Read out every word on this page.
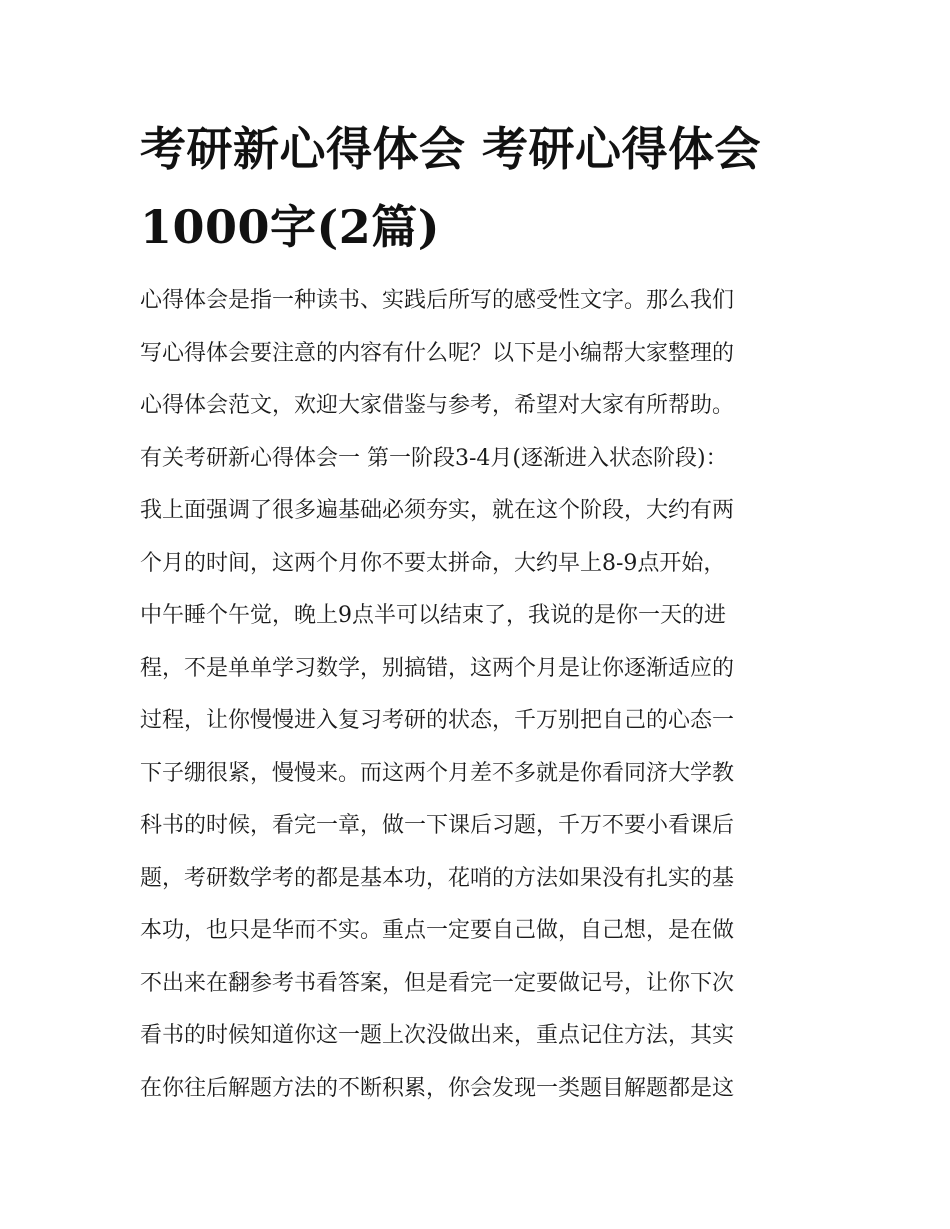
考研新心得体会 考研心得体会
1000字(2篇)
心得体会是指一种读书、实践后所写的感受性文字。那么我们
写心得体会要注意的内容有什么呢？以下是小编帮大家整理的
心得体会范文，欢迎大家借鉴与参考，希望对大家有所帮助。
有关考研新心得体会一 第一阶段3-4月(逐渐进入状态阶段)：
我上面强调了很多遍基础必须夯实，就在这个阶段，大约有两
个月的时间，这两个月你不要太拼命，大约早上8-9点开始，
中午睡个午觉，晚上9点半可以结束了，我说的是你一天的进
程，不是单单学习数学，别搞错，这两个月是让你逐渐适应的
过程，让你慢慢进入复习考研的状态，千万别把自己的心态一
下子绷很紧，慢慢来。而这两个月差不多就是你看同济大学教
科书的时候，看完一章，做一下课后习题，千万不要小看课后
题，考研数学考的都是基本功，花哨的方法如果没有扎实的基
本功，也只是华而不实。重点一定要自己做，自己想，是在做
不出来在翻参考书看答案，但是看完一定要做记号，让你下次
看书的时候知道你这一题上次没做出来，重点记住方法，其实
在你往后解题方法的不断积累，你会发现一类题目解题都是这
